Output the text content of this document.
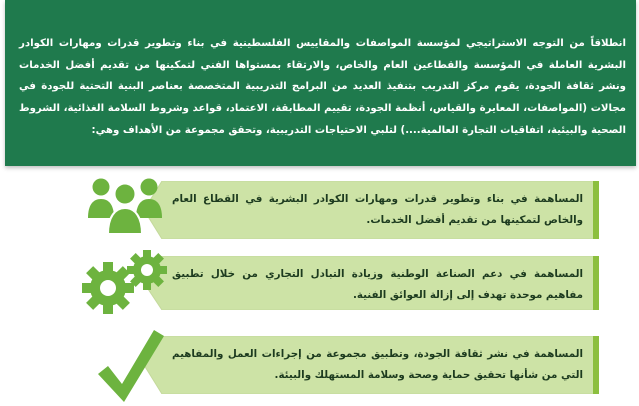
انطلاقاً من التوجه الاستراتيجي لمؤسسة المواصفات والمقاييس الفلسطينية في بناء وتطوير قدرات ومهارات الكوادر البشرية العاملة في المؤسسة والقطاعين العام والخاص، والارتقاء بمستواها الفني لتمكينها من تقديم أفضل الخدمات ونشر ثقافة الجودة، يقوم مركز التدريب بتنفيذ العديد من البرامج التدريبية المتخصصة بعناصر البنية التحتية للجودة في مجالات (المواصفات، المعايرة والقياس، أنظمة الجودة، تقييم المطابقة، الاعتماد، قواعد وشروط السلامة الغذائية، الشروط الصحية والبيئية، اتفاقيات التجارة العالمية....) لتلبي الاحتياجات التدريبية، وتحقق مجموعة من الأهداف وهي:

المساهمة في بناء وتطوير قدرات ومهارات الكوادر البشرية في القطاع العام والخاص لتمكينها من تقديم أفضل الخدمات.

المساهمة في دعم الصناعة الوطنية وزيادة التبادل التجاري من خلال تطبيق مفاهيم موحدة تهدف إلى إزالة العوائق الفنية.

المساهمة في نشر ثقافة الجودة، وتطبيق مجموعة من إجراءات العمل والمفاهيم التي من شأنها تحقيق حماية وصحة وسلامة المستهلك والبيئة.
